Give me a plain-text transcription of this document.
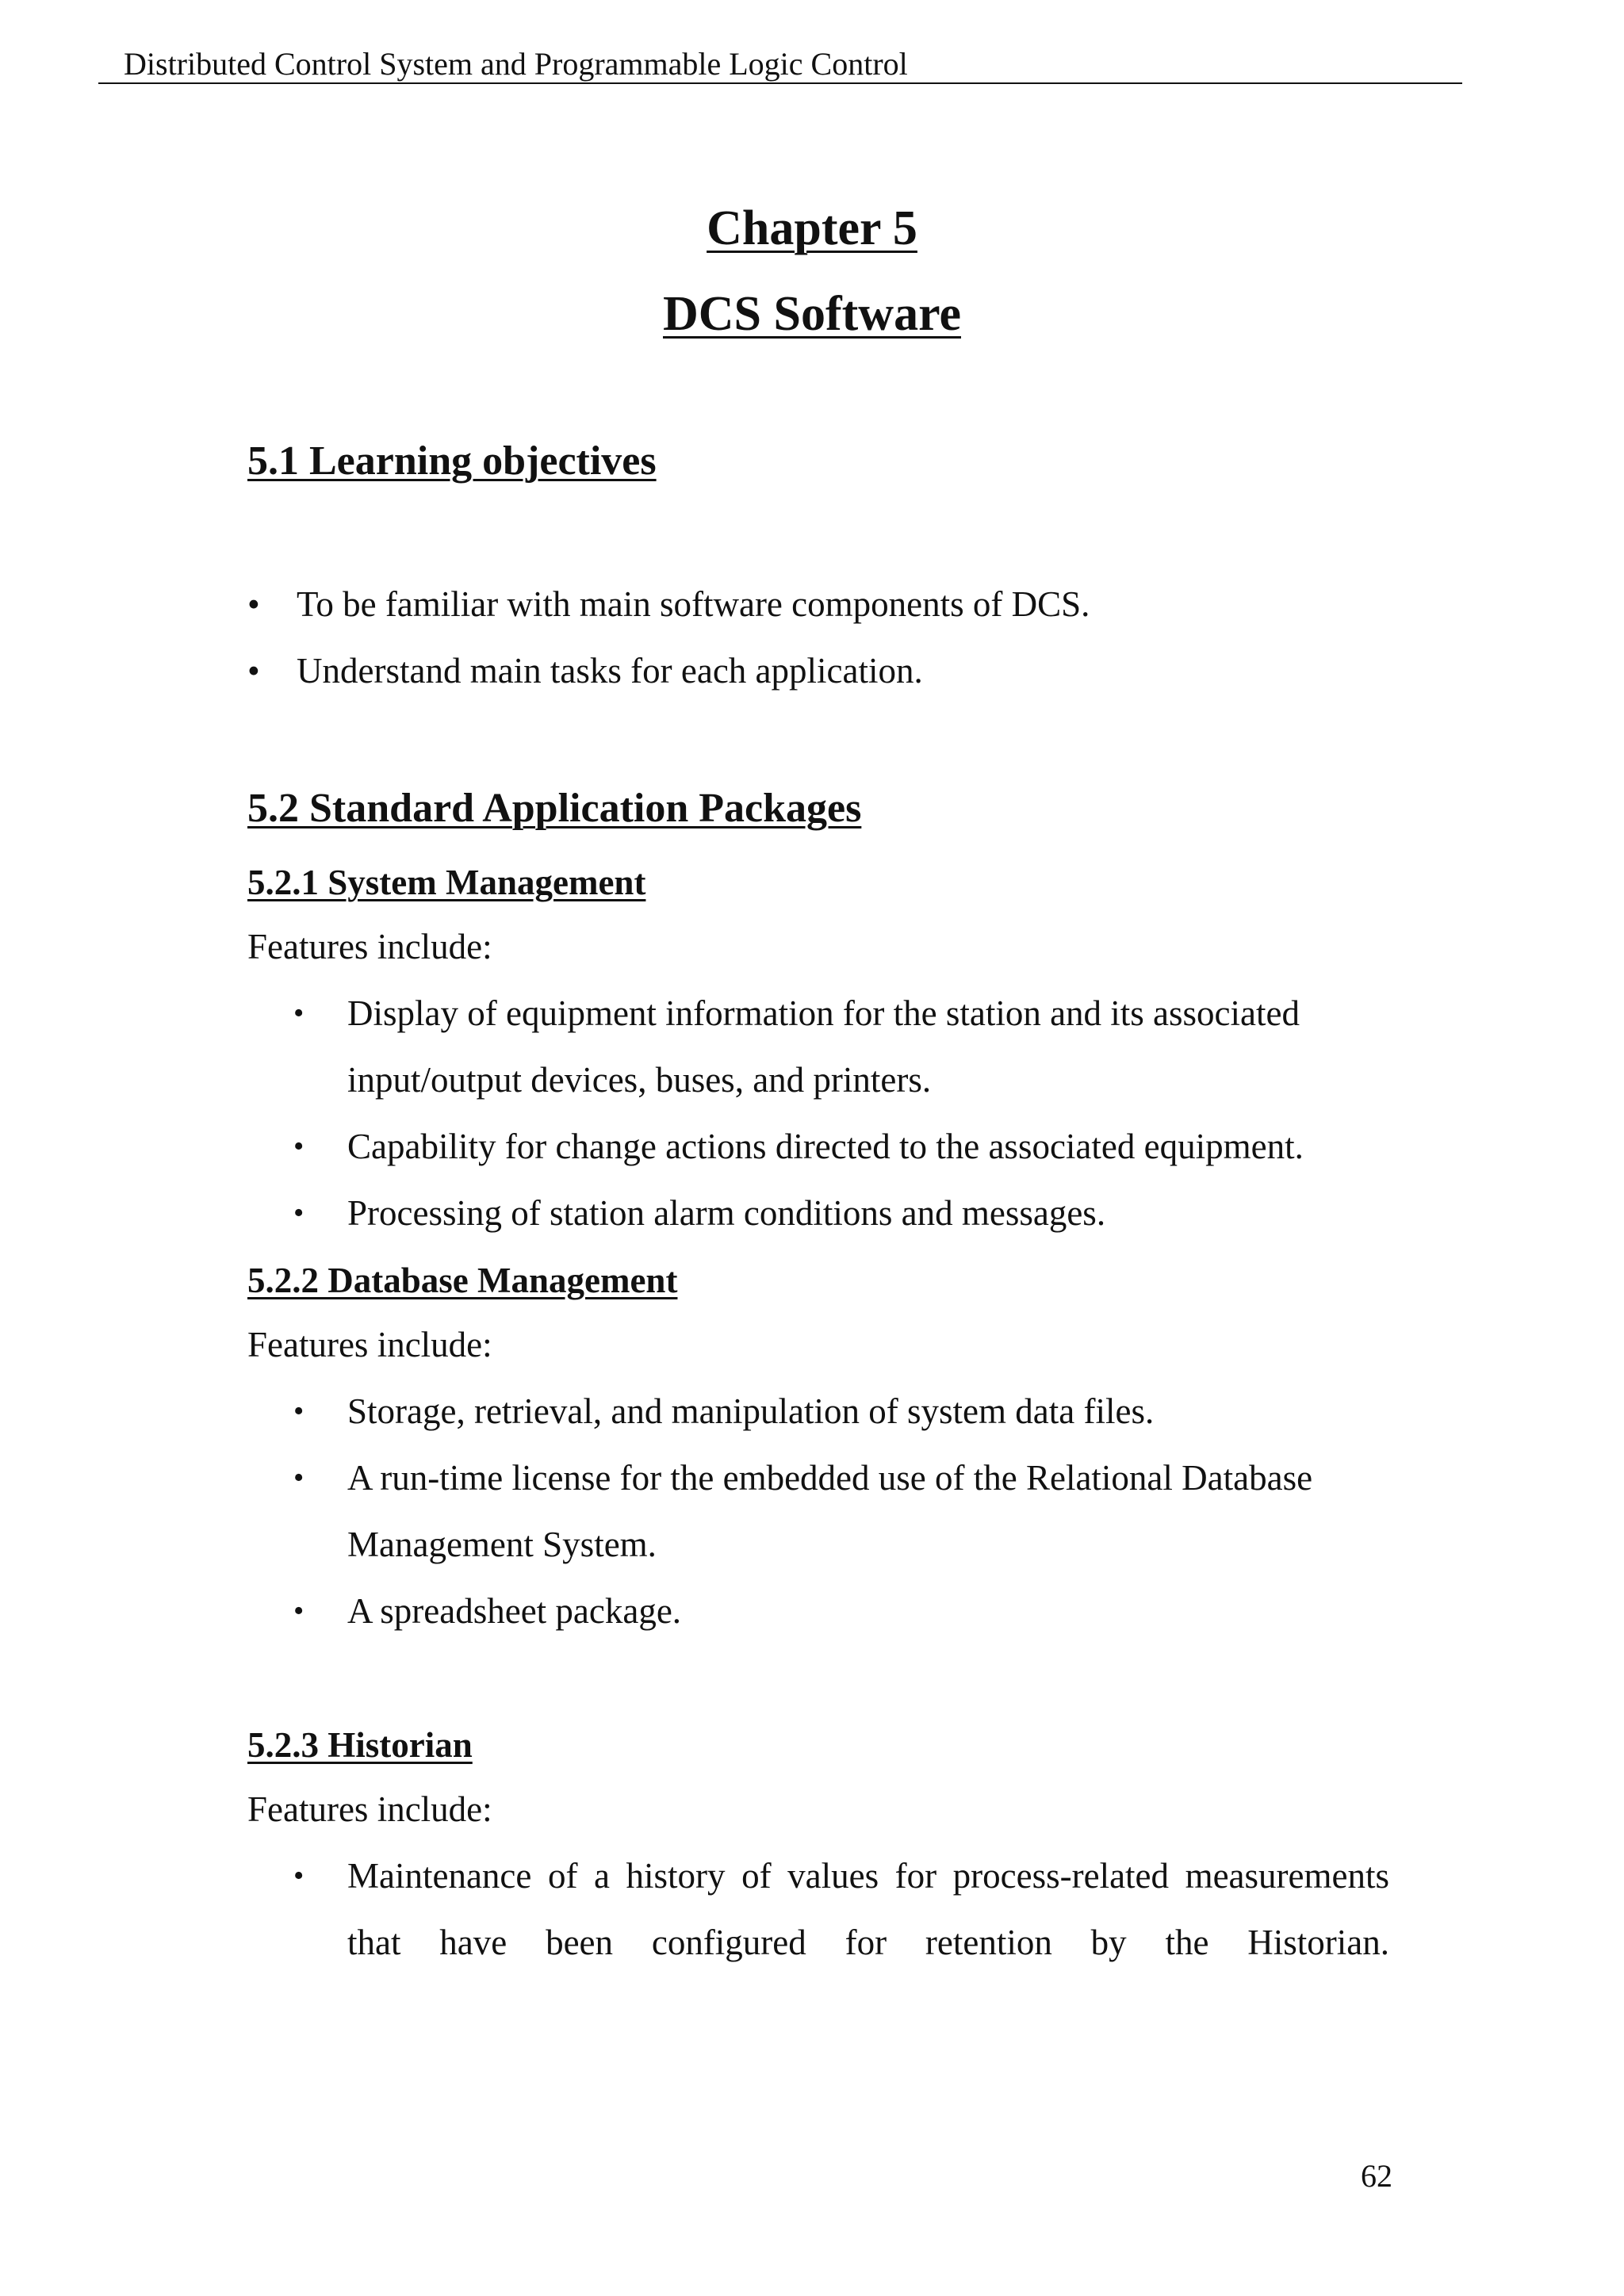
Distributed Control System and Programmable Logic Control
Chapter 5
DCS Software
5.1 Learning objectives
• To be familiar with main software components of DCS.
• Understand main tasks for each application.
5.2 Standard Application Packages
5.2.1 System Management
Features include:
• Display of equipment information for the station and its associated input/output devices, buses, and printers.
• Capability for change actions directed to the associated equipment.
• Processing of station alarm conditions and messages.
5.2.2 Database Management
Features include:
• Storage, retrieval, and manipulation of system data files.
• A run-time license for the embedded use of the Relational Database Management System.
• A spreadsheet package.
5.2.3 Historian
Features include:
• Maintenance of a history of values for process-related measurements that have been configured for retention by the Historian.
62
